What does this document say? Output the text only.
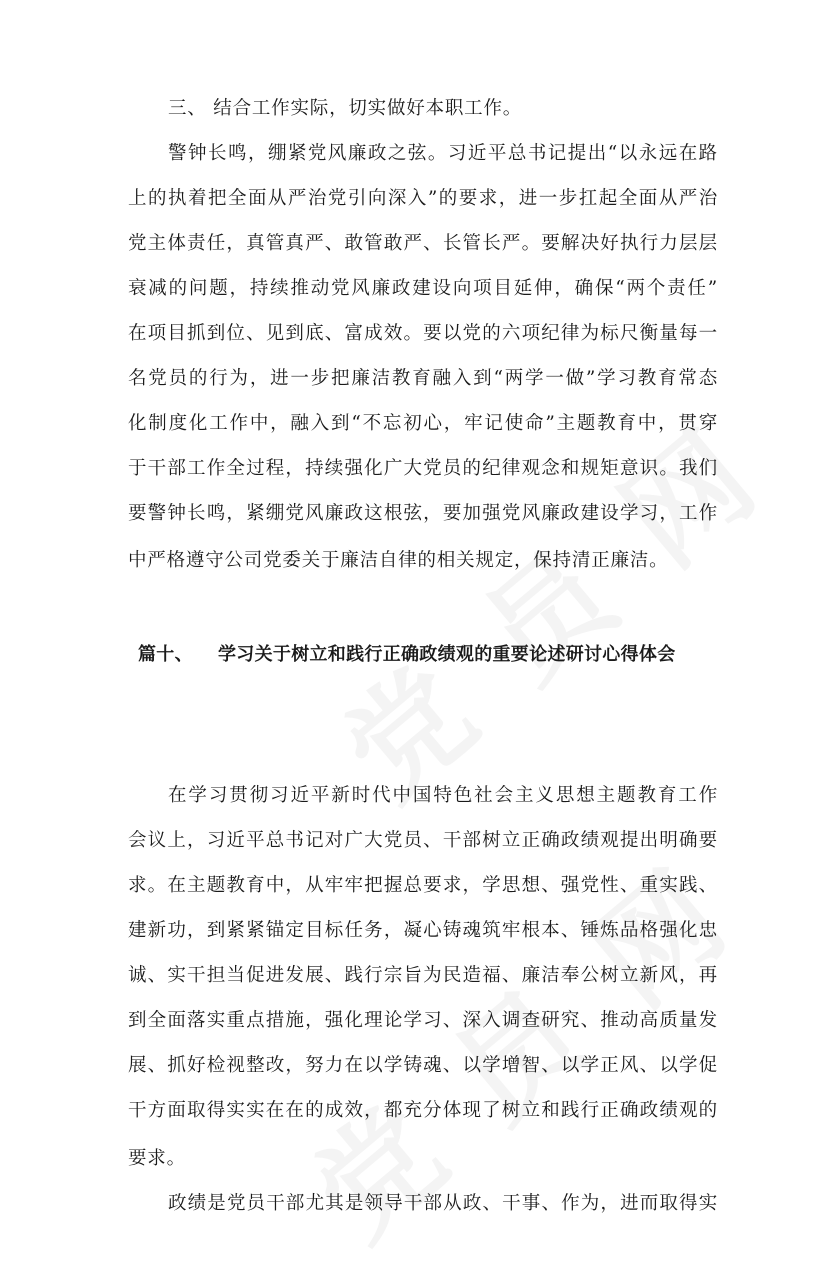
三、 结合工作实际，切实做好本职工作。
警钟长鸣，绷紧党风廉政之弦。习近平总书记提出“以永远在路
上的执着把全面从严治党引向深入”的要求，进一步扛起全面从严治
党主体责任，真管真严、敢管敢严、长管长严。要解决好执行力层层
衰减的问题，持续推动党风廉政建设向项目延伸，确保“两个责任”
在项目抓到位、见到底、富成效。要以党的六项纪律为标尺衡量每一
名党员的行为，进一步把廉洁教育融入到“两学一做”学习教育常态
化制度化工作中，融入到“不忘初心，牢记使命”主题教育中，贯穿
于干部工作全过程，持续强化广大党员的纪律观念和规矩意识。我们
要警钟长鸣，紧绷党风廉政这根弦，要加强党风廉政建设学习，工作
中严格遵守公司党委关于廉洁自律的相关规定，保持清正廉洁。
篇十、 学习关于树立和践行正确政绩观的重要论述研讨心得体会
在学习贯彻习近平新时代中国特色社会主义思想主题教育工作
会议上，习近平总书记对广大党员、干部树立正确政绩观提出明确要
求。在主题教育中，从牢牢把握总要求，学思想、强党性、重实践、
建新功，到紧紧锚定目标任务，凝心铸魂筑牢根本、锤炼品格强化忠
诚、实干担当促进发展、践行宗旨为民造福、廉洁奉公树立新风，再
到全面落实重点措施，强化理论学习、深入调查研究、推动高质量发
展、抓好检视整改，努力在以学铸魂、以学增智、以学正风、以学促
干方面取得实实在在的成效，都充分体现了树立和践行正确政绩观的
要求。
政绩是党员干部尤其是领导干部从政、干事、作为，进而取得实
